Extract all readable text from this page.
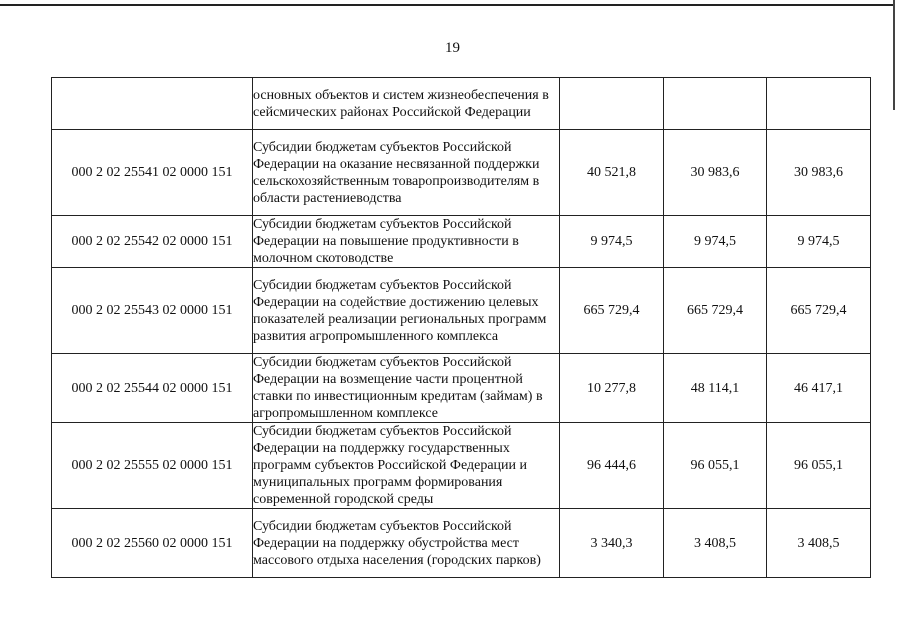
19
	основных объектов и систем жизнеобеспечения в сейсмических районах Российской Федерации			
000 2 02 25541 02 0000 151	Субсидии бюджетам субъектов Российской Федерации на оказание несвязанной поддержки сельскохозяйственным товаропроизводителям в области растениеводства	40 521,8	30 983,6	30 983,6
000 2 02 25542 02 0000 151	Субсидии бюджетам субъектов Российской Федерации на повышение продуктивности в молочном скотоводстве	9 974,5	9 974,5	9 974,5
000 2 02 25543 02 0000 151	Субсидии бюджетам субъектов Российской Федерации на содействие достижению целевых показателей реализации региональных программ развития агропромышленного комплекса	665 729,4	665 729,4	665 729,4
000 2 02 25544 02 0000 151	Субсидии бюджетам субъектов Российской Федерации на возмещение части процентной ставки по инвестиционным кредитам (займам) в агропромышленном комплексе	10 277,8	48 114,1	46 417,1
000 2 02 25555 02 0000 151	Субсидии бюджетам субъектов Российской Федерации на поддержку государственных программ субъектов Российской Федерации и муниципальных программ формирования современной городской среды	96 444,6	96 055,1	96 055,1
000 2 02 25560 02 0000 151	Субсидии бюджетам субъектов Российской Федерации на поддержку обустройства мест массового отдыха населения (городских парков)	3 340,3	3 408,5	3 408,5
